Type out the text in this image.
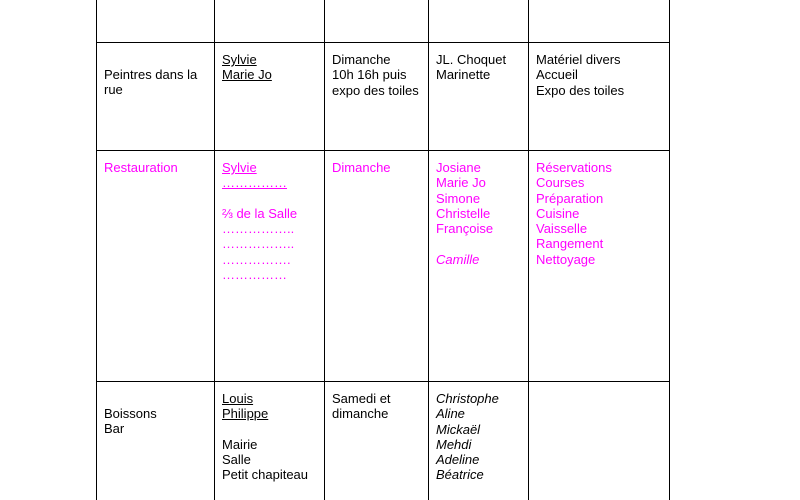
Peintres dans la

rue

Sylvie

Marie Jo

Dimanche

10h 16h puis

expo des toiles

JL. Choquet

Marinette

Matériel divers

Accueil

Expo des toiles

Restauration	Sylvie

……………

⅔ de la Salle

……………..

……………..

…………….

……………

Dimanche	Josiane

Marie Jo

Simone

Christelle

Françoise

Camille

Réservations

Courses

Préparation

Cuisine

Vaisselle

Rangement

Nettoyage

Boissons

Bar

Louis

Philippe

Mairie

Salle

Petit chapiteau

Samedi et

dimanche

Christophe

Aline

Mickaël

Mehdi

Adeline

Béatrice
